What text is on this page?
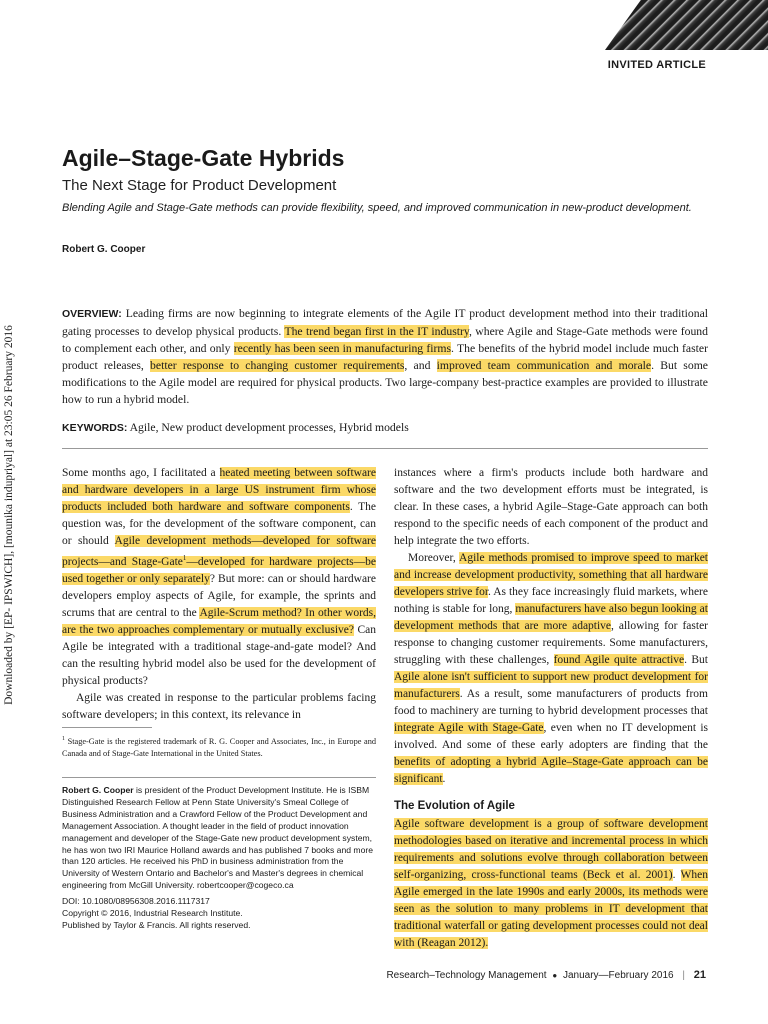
INVITED ARTICLE
Agile–Stage-Gate Hybrids
The Next Stage for Product Development

Blending Agile and Stage-Gate methods can provide flexibility, speed, and improved communication in new-product development.

Robert G. Cooper
Downloaded by [EP- IPSWICH], [mounika indupriyal] at 23:05 26 February 2016

OVERVIEW: Leading firms are now beginning to integrate elements of the Agile IT product development method into their traditional gating processes to develop physical products. The trend began first in the IT industry, where Agile and Stage-Gate methods were found to complement each other, and only recently has been seen in manufacturing firms. The benefits of the hybrid model include much faster product releases, better response to changing customer requirements, and improved team communication and morale. But some modifications to the Agile model are required for physical products. Two large-company best-practice examples are provided to illustrate how to run a hybrid model.

KEYWORDS: Agile, New product development processes, Hybrid models

Some months ago, I facilitated a heated meeting between software and hardware developers in a large US instrument firm whose products included both hardware and software components. The question was, for the development of the software component, can or should Agile development methods—developed for software projects—and Stage-Gate$^1$—developed for hardware projects—be used together or only separately? But more: can or should hardware developers employ aspects of Agile, for example, the sprints and scrums that are central to the Agile-Scrum method? In other words, are the two approaches complementary or mutually exclusive? Can Agile be integrated with a traditional stage-and-gate model? And can the resulting hybrid model also be used for the development of physical products?

Agile was created in response to the particular problems facing software developers; in this context, its relevance in

$^1$ Stage-Gate is the registered trademark of R. G. Cooper and Associates, Inc., in Europe and Canada and of Stage-Gate International in the United States.

Robert G. Cooper is president of the Product Development Institute. He is ISBM Distinguished Research Fellow at Penn State University's Smeal College of Business Administration and a Crawford Fellow of the Product Development and Management Association. A thought leader in the field of product innovation management and developer of the Stage-Gate new product development system, he has won two IRI Maurice Holland awards and has published 7 books and more than 120 articles. He received his PhD in business administration from the University of Western Ontario and Bachelor's and Master's degrees in chemical engineering from McGill University. robertcooper@cogeco.ca

DOI: 10.1080/08956308.2016.1117317

Copyright © 2016, Industrial Research Institute.

Published by Taylor & Francis. All rights reserved.

instances where a firm's products include both hardware and software and the two development efforts must be integrated, is clear. In these cases, a hybrid Agile–Stage-Gate approach can both respond to the specific needs of each component of the product and help integrate the two efforts.

Moreover, Agile methods promised to improve speed to market and increase development productivity, something that all hardware developers strive for. As they face increasingly fluid markets, where nothing is stable for long, manufacturers have also begun looking at development methods that are more adaptive, allowing for faster response to changing customer requirements. Some manufacturers, struggling with these challenges, found Agile quite attractive. But Agile alone isn't sufficient to support new product development for manufacturers. As a result, some manufacturers of products from food to machinery are turning to hybrid development processes that integrate Agile with Stage-Gate, even when no IT development is involved. And some of these early adopters are finding that the benefits of adopting a hybrid Agile–Stage-Gate approach can be significant.

The Evolution of Agile

Agile software development is a group of software development methodologies based on iterative and incremental process in which requirements and solutions evolve through collaboration between self-organizing, cross-functional teams (Beck et al. 2001). When Agile emerged in the late 1990s and early 2000s, its methods were seen as the solution to many problems in IT development that traditional waterfall or gating development processes could not deal with (Reagan 2012).

Research–Technology Management ● January—February 2016 | 21
